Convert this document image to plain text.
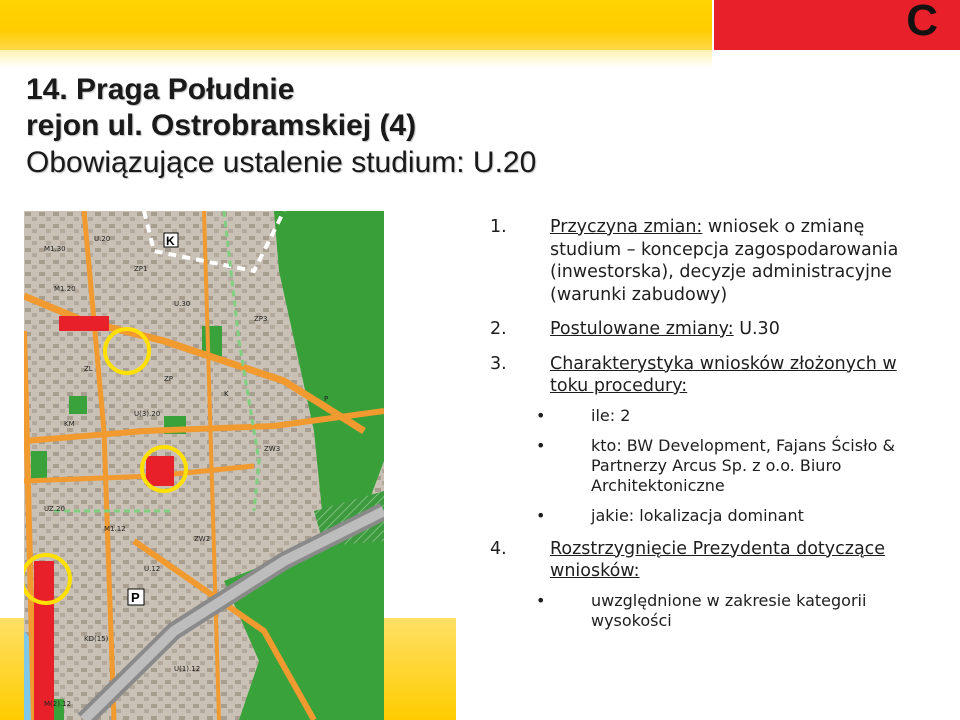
C
14. Praga Południe
rejon ul. Ostrobramskiej (4)
Obowiązujące ustalenie studium: U.20
K
P
M1.30
U.20
ZP1
M1.20
U.30
ZP3
ZL
ZP
K
P
KM
U(3).20
ZW3
UZ.20
M1.12
ZW2
U.12
KD(15)
U(1).12
M(2).12
1. Przyczyna zmian: wniosek o zmianę studium – koncepcja zagospodarowania (inwestorska), decyzje administracyjne (warunki zabudowy)
2. Postulowane zmiany: U.30
3. Charakterystyka wniosków złożonych w toku procedury:
•	ile: 2
•	kto: BW Development, Fajans Ścisło & Partnerzy Arcus Sp. z o.o. Biuro Architektoniczne
•	jakie: lokalizacja dominant
4. Rozstrzygnięcie Prezydenta dotyczące wniosków:
•	uwzględnione w zakresie kategorii wysokości
